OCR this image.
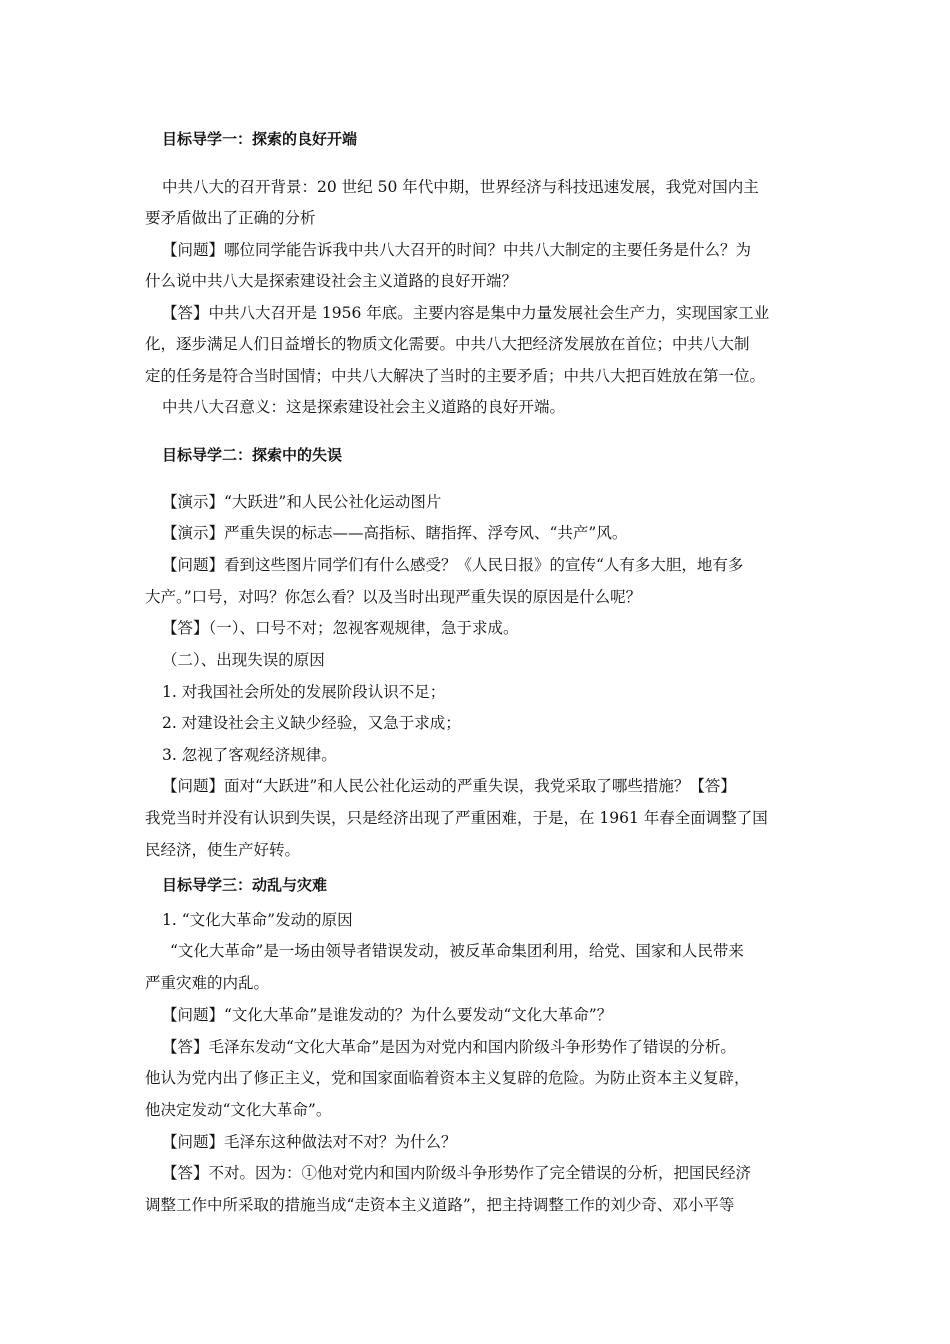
目标导学一：探索的良好开端
中共八大的召开背景：20 世纪 50 年代中期，世界经济与科技迅速发展，我党对国内主
要矛盾做出了正确的分析
【问题】哪位同学能告诉我中共八大召开的时间？中共八大制定的主要任务是什么？为
什么说中共八大是探索建设社会主义道路的良好开端？
【答】中共八大召开是 1956 年底。主要内容是集中力量发展社会生产力，实现国家工业
化，逐步满足人们日益增长的物质文化需要。中共八大把经济发展放在首位；中共八大制
定的任务是符合当时国情；中共八大解决了当时的主要矛盾；中共八大把百姓放在第一位。
中共八大召意义：这是探索建设社会主义道路的良好开端。
目标导学二：探索中的失误
【演示】“大跃进”和人民公社化运动图片
【演示】严重失误的标志——高指标、瞎指挥、浮夸风、“共产”风。
【问题】看到这些图片同学们有什么感受？《人民日报》的宣传“人有多大胆，地有多
大产。”口号，对吗？你怎么看？以及当时出现严重失误的原因是什么呢？
【答】（一）、口号不对；忽视客观规律，急于求成。
（二）、出现失误的原因
1. 对我国社会所处的发展阶段认识不足；
2. 对建设社会主义缺少经验，又急于求成；
3. 忽视了客观经济规律。
【问题】面对“大跃进”和人民公社化运动的严重失误，我党采取了哪些措施？【答】
我党当时并没有认识到失误，只是经济出现了严重困难，于是，在 1961 年春全面调整了国
民经济，使生产好转。
目标导学三：动乱与灾难
1. “文化大革命”发动的原因
“文化大革命”是一场由领导者错误发动，被反革命集团利用，给党、国家和人民带来
严重灾难的内乱。
【问题】“文化大革命”是谁发动的？为什么要发动“文化大革命”？
【答】毛泽东发动“文化大革命”是因为对党内和国内阶级斗争形势作了错误的分析。
他认为党内出了修正主义，党和国家面临着资本主义复辟的危险。为防止资本主义复辟，
他决定发动“文化大革命”。
【问题】毛泽东这种做法对不对？为什么？
【答】不对。因为：①他对党内和国内阶级斗争形势作了完全错误的分析，把国民经济
调整工作中所采取的措施当成“走资本主义道路”，把主持调整工作的刘少奇、邓小平等
